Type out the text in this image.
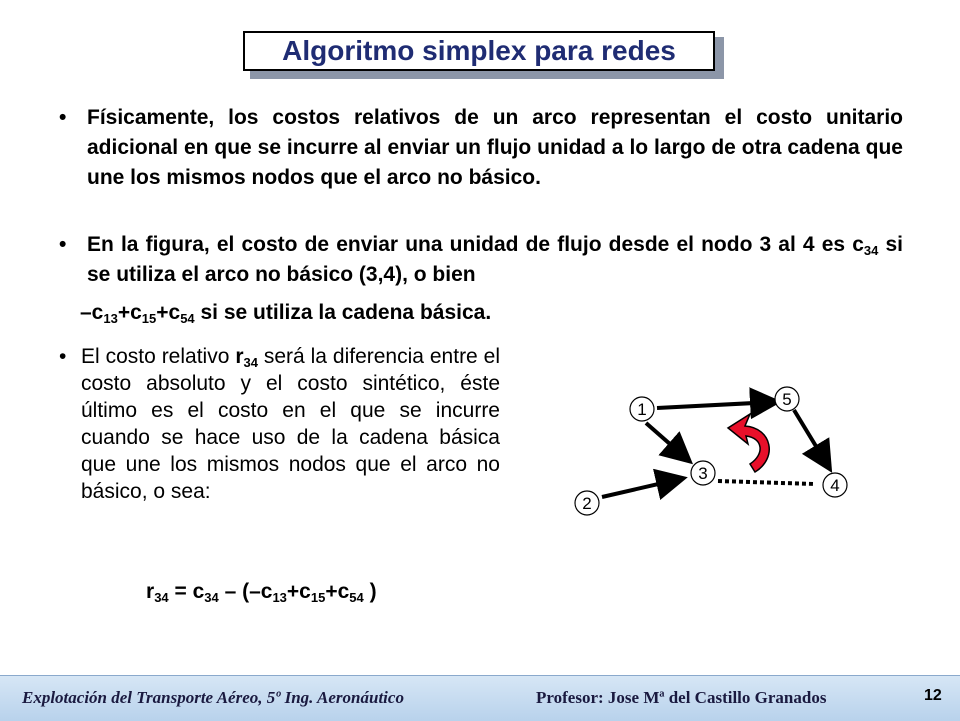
Algoritmo simplex para redes
• Físicamente, los costos relativos de un arco representan el costo unitario adicional en que se incurre al enviar un flujo unidad a lo largo de otra cadena que une los mismos nodos que el arco no básico.
• En la figura, el costo de enviar una unidad de flujo desde el nodo 3 al 4 es $c_{34}$ si se utiliza el arco no básico (3,4), o bien
$-c_{13}+c_{15}+c_{54}$ si se utiliza la cadena básica.
• El costo relativo $r_{34}$ será la diferencia entre el costo absoluto y el costo sintético, éste último es el costo en el que se incurre cuando se hace uso de la cadena básica que une los mismos nodos que el arco no básico, o sea:
$r_{34} = c_{34} - (-c_{13}+c_{15}+c_{54}$ )
1
2
3
4
5
Explotación del Transporte Aéreo, 5º Ing. Aeronáutico	Profesor: Jose Mª del Castillo Granados	12
